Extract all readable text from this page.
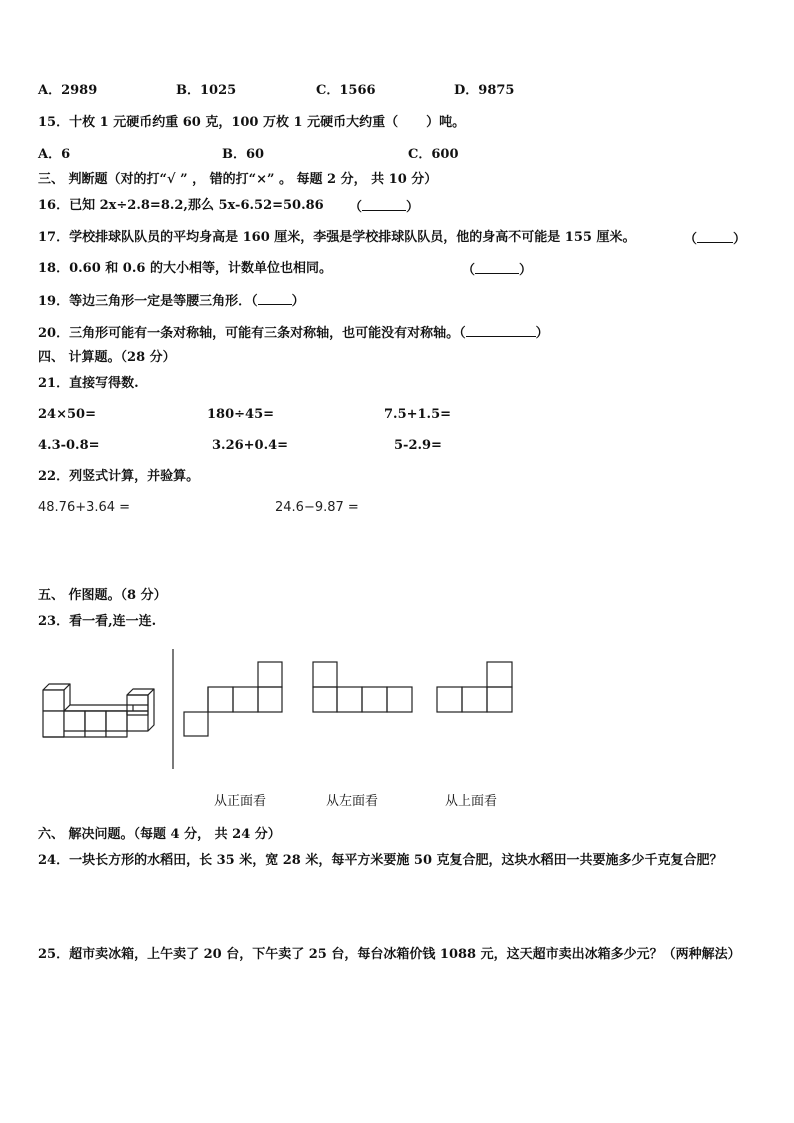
A．2989	B．1025	C．1566	D．9875
15．十枚 1 元硬币约重 60 克，100 万枚 1 元硬币大约重（ ）吨。
A．6	B．60	C．600
三、 判断题（对的打“√ ” ， 错的打“×” 。 每题 2 分， 共 10 分）
16．已知 2x÷2.8=8.2,那么 5x-6.52=50.86 （	）
17．学校排球队队员的平均身高是 160 厘米，李强是学校排球队队员，他的身高不可能是 155 厘米。	（	）
18．0.60 和 0.6 的大小相等，计数单位也相同。	（	）
19．等边三角形一定是等腰三角形．（	）
20．三角形可能有一条对称轴，可能有三条对称轴，也可能没有对称轴。（	）
四、 计算题。（28 分）
21．直接写得数.
24×50=	180÷45=	7.5+1.5=
4.3-0.8=	3.26+0.4=	5-2.9=
22．列竖式计算，并验算。
48.76+3.64 =	24.6−9.87 =
五、 作图题。（8 分）
23．看一看,连一连.
从正面看	从左面看	从上面看
六、 解决问题。（每题 4 分， 共 24 分）
24．一块长方形的水稻田，长 35 米，宽 28 米，每平方米要施 50 克复合肥，这块水稻田一共要施多少千克复合肥？
25．超市卖冰箱，上午卖了 20 台，下午卖了 25 台，每台冰箱价钱 1088 元，这天超市卖出冰箱多少元？（两种解法）
